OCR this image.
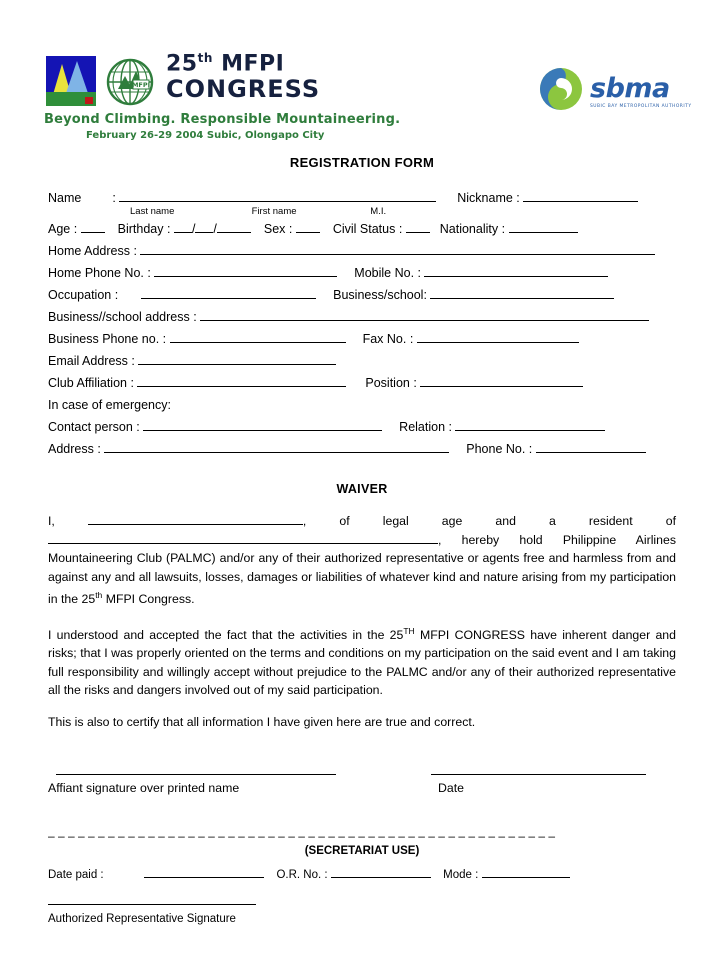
MFPI
25th MFPI
CONGRESS
Beyond Climbing. Responsible Mountaineering.
February 26-29 2004 Subic, Olongapo City
sbma
SUBIC BAY METROPOLITAN AUTHORITY
REGISTRATION FORM
Name :	Nickname :
Last name	First name	M.I.
Age :	Birthday : / /	Sex :	Civil Status :	Nationality :
Home Address :
Home Phone No. :	Mobile No. :
Occupation :	Business/school:
Business//school address :
Business Phone no. :	Fax No. :
Email Address :
Club Affiliation :	Position :
In case of emergency:
Contact person :	Relation :
Address :	Phone No. :
WAIVER
I,	, of legal age and a resident of , hereby hold Philippine Airlines Mountaineering Club (PALMC) and/or any of their authorized representative or agents free and harmless from and against any and all lawsuits, losses, damages or liabilities of whatever kind and nature arising from my participation in the 25th MFPI Congress.
I understood and accepted the fact that the activities in the 25TH MFPI CONGRESS have inherent danger and risks; that I was properly oriented on the terms and conditions on my participation on the said event and I am taking full responsibility and willingly accept without prejudice to the PALMC and/or any of their authorized representative all the risks and dangers involved out of my said participation.
This is also to certify that all information I have given here are true and correct.
Affiant signature over printed name	Date
– – – – – – – – – – – – – – – – – – – – – – – – – – – – – – – – – – – – – – – – – – – – – – – – – – –
(SECRETARIAT USE)
Date paid :	O.R. No. :	Mode :
Authorized Representative Signature
